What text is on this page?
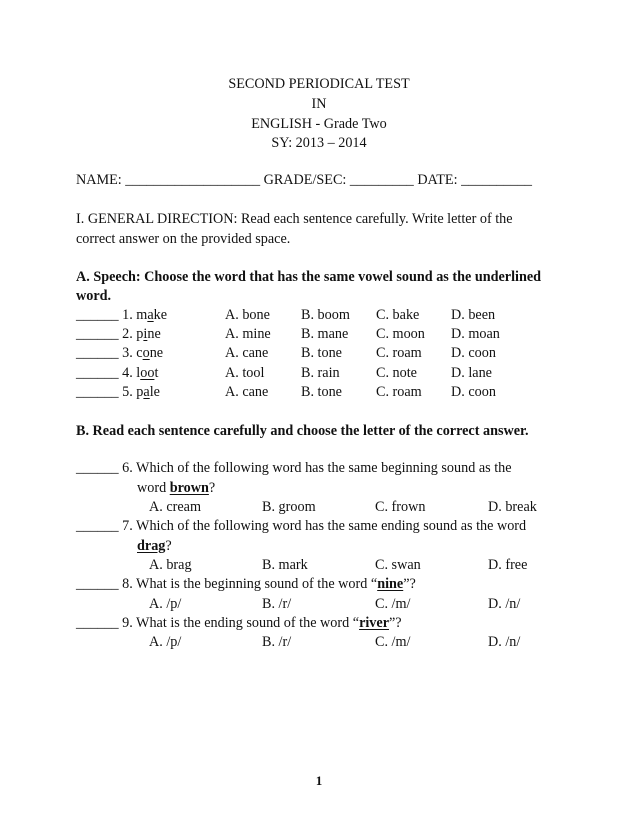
SECOND PERIODICAL TEST
IN
ENGLISH - Grade Two
SY: 2013 – 2014
NAME: ___________________ GRADE/SEC: _________ DATE: __________
I. GENERAL DIRECTION: Read each sentence carefully. Write letter of the
correct answer on the provided space.
A. Speech: Choose the word that has the same vowel sound as the underlined
word.
______ 1. make	A. bone B. boom C. bake D. been
______ 2. pine	A. mine B. mane C. moon D. moan
______ 3. cone	A. cane B. tone C. roam D. coon
______ 4. loot	A. tool	B. rain	C. note D. lane
______ 5. pale	A. cane B. tone C. roam D. coon
B. Read each sentence carefully and choose the letter of the correct answer.
______ 6. Which of the following word has the same beginning sound as the
word brown?
A. cream	B. groom	C. frown	D. break
______ 7. Which of the following word has the same ending sound as the word
drag?
A. brag	B. mark	C. swan	D. free
______ 8. What is the beginning sound of the word “nine”?
A. /p/	B. /r/	C. /m/	D. /n/
______ 9. What is the ending sound of the word “river”?
A. /p/	B. /r/	C. /m/	D. /n/
1
